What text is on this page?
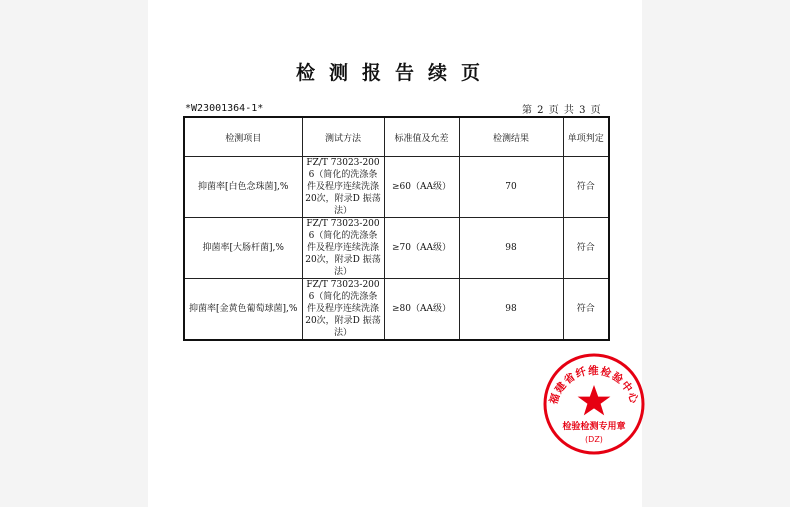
检测报告续页
*W23001364-1*	第 2 页 共 3 页
检测项目	测试方法	标准值及允差	检测结果	单项判定
抑菌率[白色念珠菌],%	FZ/T 73023-2006（简化的洗涤条件及程序连续洗涤20次，附录D 振荡法）	≥60（AA级）	70	符合
抑菌率[大肠杆菌],%	FZ/T 73023-2006（简化的洗涤条件及程序连续洗涤20次，附录D 振荡法）	≥70（AA级）	98	符合
抑菌率[金黄色葡萄球菌],%	FZ/T 73023-2006（简化的洗涤条件及程序连续洗涤20次，附录D 振荡法）	≥80（AA级）	98	符合
福建省纤维检验中心
检验检测专用章
(DZ)
